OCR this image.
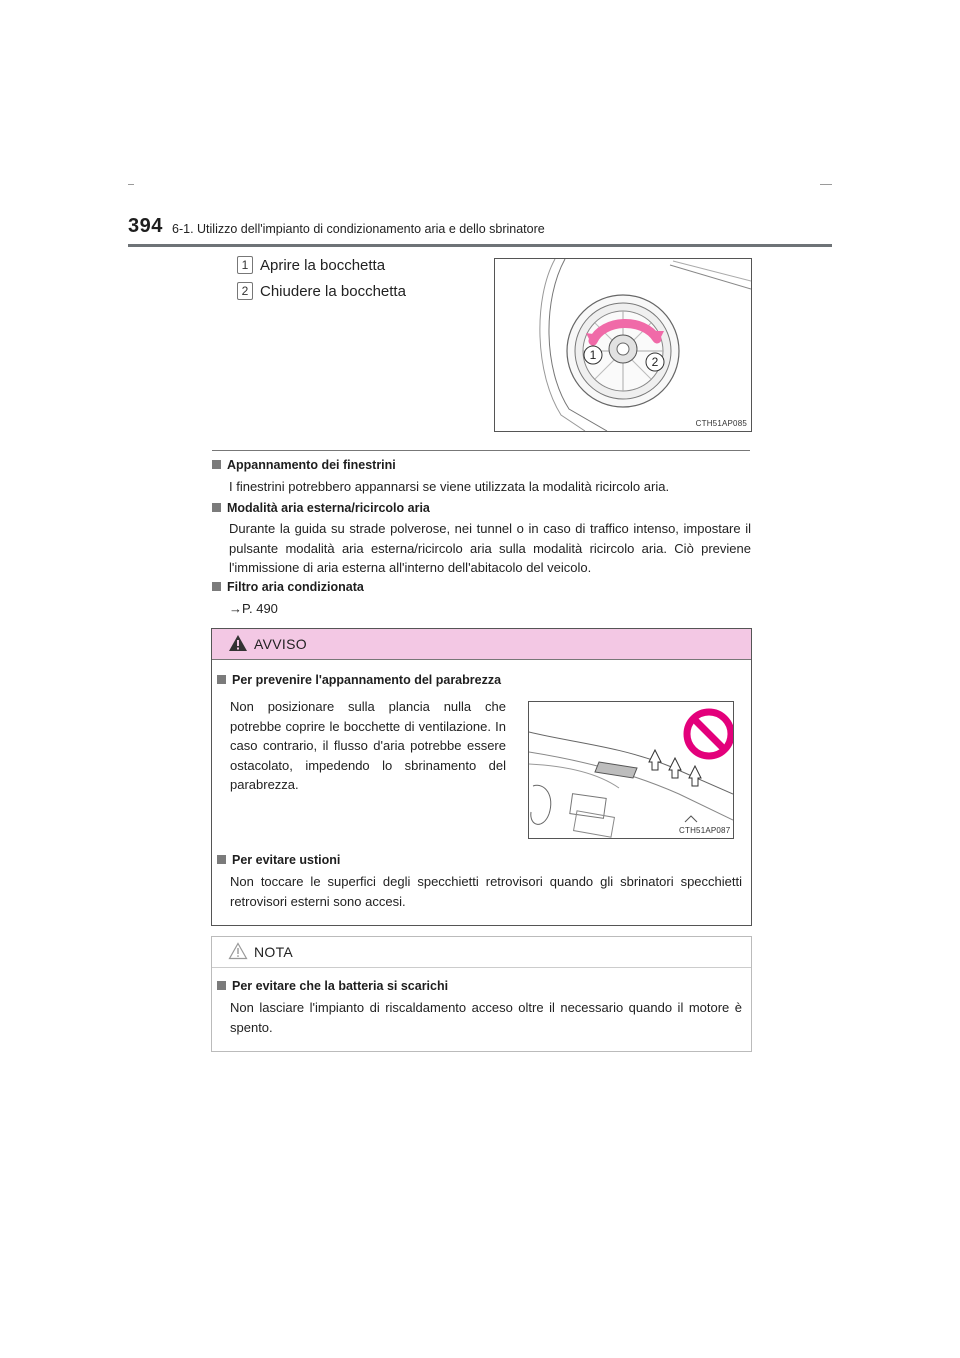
394 6-1. Utilizzo dell'impianto di condizionamento aria e dello sbrinatore
1 Aprire la bocchetta
2 Chiudere la bocchetta
1	2
CTH51AP085
Appannamento dei finestrini
I finestrini potrebbero appannarsi se viene utilizzata la modalità ricircolo aria.
Modalità aria esterna/ricircolo aria
Durante la guida su strade polverose, nei tunnel o in caso di traffico intenso, impostare il pulsante modalità aria esterna/ricircolo aria sulla modalità ricircolo aria. Ciò previene l'immissione di aria esterna all'interno dell'abitacolo del veicolo.
Filtro aria condizionata
→P. 490
AVVISO
Per prevenire l'appannamento del parabrezza
Non posizionare sulla plancia nulla che potrebbe coprire le bocchette di ventilazione. In caso contrario, il flusso d'aria potrebbe essere ostacolato, impedendo lo sbrinamento del parabrezza.
CTH51AP087
Per evitare ustioni
Non toccare le superfici degli specchietti retrovisori quando gli sbrinatori specchietti retrovisori esterni sono accesi.
NOTA
Per evitare che la batteria si scarichi
Non lasciare l'impianto di riscaldamento acceso oltre il necessario quando il motore è spento.
